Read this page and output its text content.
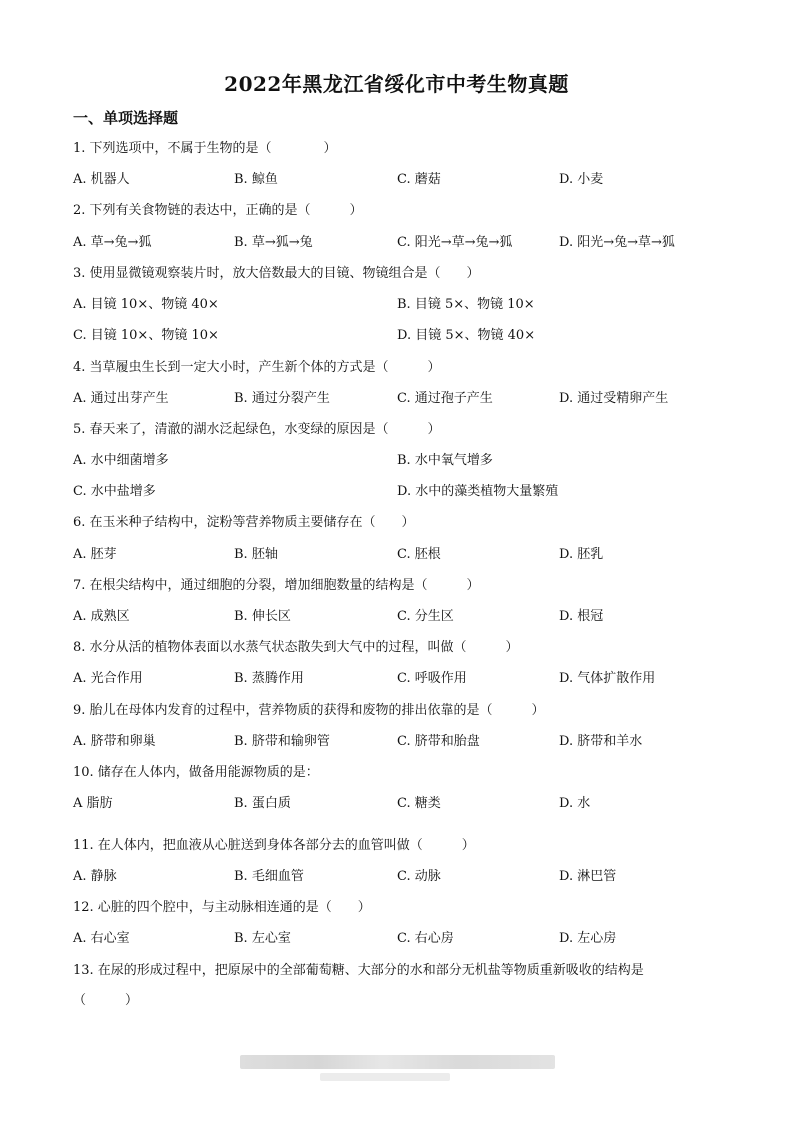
2022年黑龙江省绥化市中考生物真题
一、单项选择题
1. 下列选项中，不属于生物的是（　　　　）
A. 机器人	B. 鲸鱼	C. 蘑菇	D. 小麦
2. 下列有关食物链的表达中，正确的是（　　　）
A. 草→兔→狐	B. 草→狐→兔	C. 阳光→草→兔→狐	D. 阳光→兔→草→狐
3. 使用显微镜观察装片时，放大倍数最大的目镜、物镜组合是（　　）
A. 目镜 10×、物镜 40×	B. 目镜 5×、物镜 10×
C. 目镜 10×、物镜 10×	D. 目镜 5×、物镜 40×
4. 当草履虫生长到一定大小时，产生新个体的方式是（　　　）
A. 通过出芽产生	B. 通过分裂产生	C. 通过孢子产生	D. 通过受精卵产生
5. 春天来了，清澈的湖水泛起绿色，水变绿的原因是（　　　）
A. 水中细菌增多	B. 水中氧气增多
C. 水中盐增多	D. 水中的藻类植物大量繁殖
6. 在玉米种子结构中，淀粉等营养物质主要储存在（　　）
A. 胚芽	B. 胚轴	C. 胚根	D. 胚乳
7. 在根尖结构中，通过细胞的分裂，增加细胞数量的结构是（　　　）
A. 成熟区	B. 伸长区	C. 分生区	D. 根冠
8. 水分从活的植物体表面以水蒸气状态散失到大气中的过程，叫做（　　　）
A. 光合作用	B. 蒸腾作用	C. 呼吸作用	D. 气体扩散作用
9. 胎儿在母体内发育的过程中，营养物质的获得和废物的排出依靠的是（　　　）
A. 脐带和卵巢	B. 脐带和输卵管	C. 脐带和胎盘	D. 脐带和羊水
10. 储存在人体内，做备用能源物质的是：
A 脂肪	B. 蛋白质	C. 糖类	D. 水
11. 在人体内，把血液从心脏送到身体各部分去的血管叫做（　　　）
A. 静脉	B. 毛细血管	C. 动脉	D. 淋巴管
12. 心脏的四个腔中，与主动脉相连通的是（　　）
A. 右心室	B. 左心室	C. 右心房	D. 左心房
13. 在尿的形成过程中，把原尿中的全部葡萄糖、大部分的水和部分无机盐等物质重新吸收的结构是
（　　　）
